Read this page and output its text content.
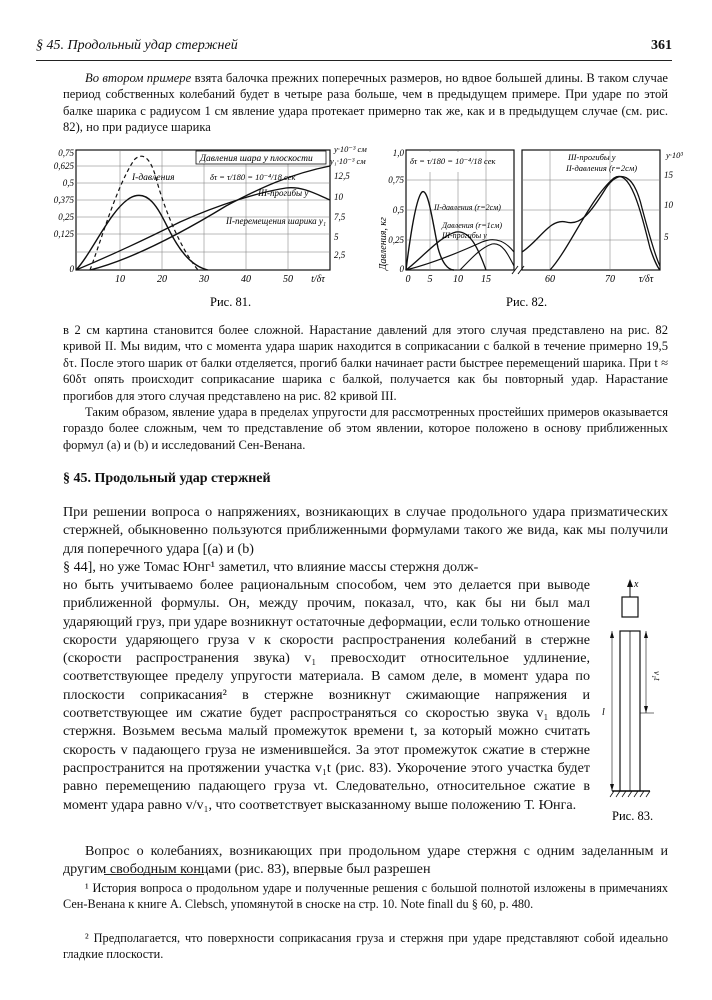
§ 45. Продольный удар стержней	361

Во втором примере взята балочка прежних поперечных размеров, но вдвое большей длины. В таком случае период собственных колебаний будет в четыре раза больше, чем в предыдущем примере. При ударе по этой балке шарика с радиусом 1 см явление удара протекает примерно так же, как и в предыдущем случае (см. рис. 82), но при радиусе шарика

Давления шара у плоскости
I-давления	δτ = τ/180 = 10⁻⁴/18 сек
III-прогибы y
II-перемещения шарика y₁
0,75
0,625
0,5
0,375
0,25
0,125
0
10	20	30	40	50 t/δτ
y·10⁻³ см
y₁·10⁻³ см
12,5
10
7,5
5
2,5
Рис. 81.
δτ = τ/180 = 10⁻⁴/18 сек	III-прогибы y
II-давления (r=2см)
II-давления (r=2см)
Давления (r=1см)
III-прогибы y
Давления, кг
1,0
0,75
0,5
0,25
0
0 5 10 15	60	70 τ/δτ
y·10³
15
10
5
Рис. 82.

в 2 см картина становится более сложной. Нарастание давлений для этого случая представлено на рис. 82 кривой II. Мы видим, что с момента удара шарик находится в соприкасании с балкой в течение примерно 19,5 δτ. После этого шарик от балки отделяется, прогиб балки начинает расти быстрее перемещений шарика. При t ≈ 60δτ опять происходит соприкасание шарика с балкой, получается как бы повторный удар. Нарастание прогибов для этого случая представлено на рис. 82 кривой III.

Таким образом, явление удара в пределах упругости для рассмотренных простейших примеров оказывается гораздо более сложным, чем то представление об этом явлении, которое положено в основу приближенных формул (a) и (b) и исследований Сен-Венана.

§ 45. Продольный удар стержней

При решении вопроса о напряжениях, возникающих в случае продольного удара призматических стержней, обыкновенно пользуются приближенными формулами такого же вида, как мы получили для поперечного удара [(a) и (b)

§ 44], но уже Томас Юнг¹ заметил, что влияние массы стержня долж-

но быть учитываемо более рациональным способом, чем это делается при выводе приближенной формулы. Он, между прочим, показал, что, как бы ни был мал ударяющий груз, при ударе возникнут остаточные деформации, если только отношение скорости ударяющего груза v к скорости распространения колебаний в стержне (скорости распространения звука) v₁ превосходит относительное удлинение, соответствующее пределу упругости материала. В самом деле, в момент удара по плоскости соприкасания² в стержне возникнут сжимающие напряжения и соответствующее им сжатие будет распространяться со скоростью звука v₁ вдоль стержня. Возьмем весьма малый промежуток времени t, за который можно считать скорость v падающего груза не изменившейся. За этот промежуток сжатие в стержне распространится на протяжении участка v₁t (рис. 83). Укорочение этого участка будет равно перемещению падающего груза vt. Следовательно, относительное сжатие в момент удара равно v/v₁, что соответствует высказанному выше положению Т. Юнга.

Вопрос о колебаниях, возникающих при продольном ударе стержня с одним заделанным и другим свободным концами (рис. 83), впервые был разрешен

x
l
v₁t
Рис. 83.

¹ История вопроса о продольном ударе и полученные решения с большой полнотой изложены в примечаниях Сен-Венана к книге A. Clebsch, упомянутой в сноске на стр. 10. Note finall du § 60, p. 480.

² Предполагается, что поверхности соприкасания груза и стержня при ударе представляют собой идеально гладкие плоскости.
